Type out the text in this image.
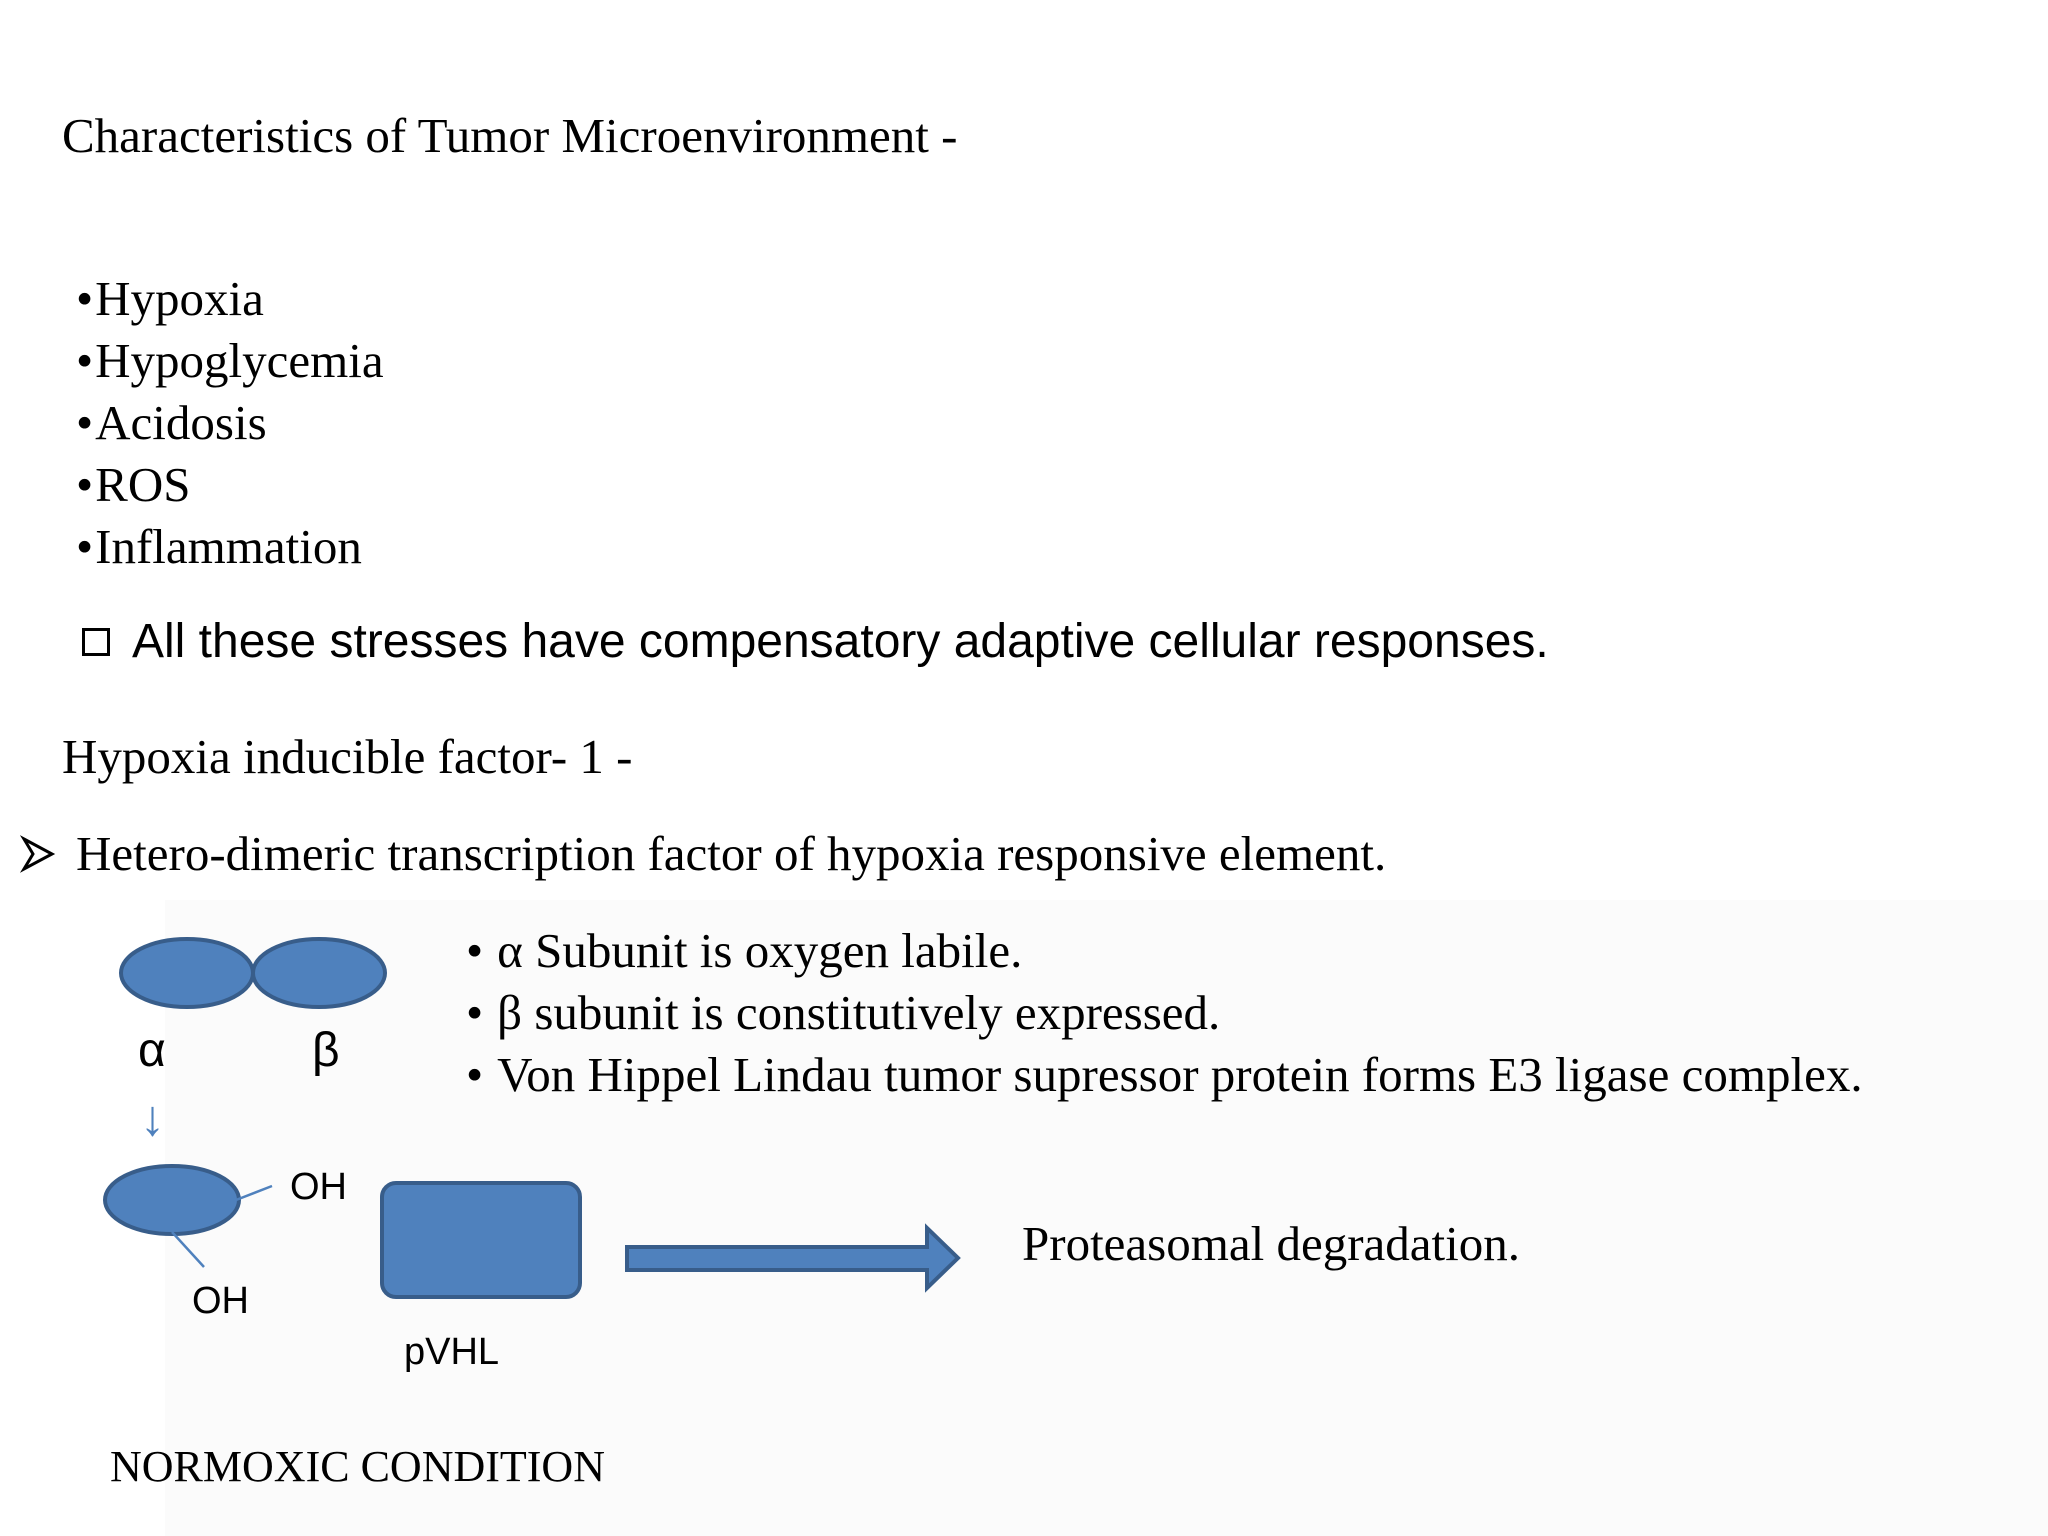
Characteristics of Tumor Microenvironment -
•Hypoxia
•Hypoglycemia
•Acidosis
•ROS
•Inflammation
All these stresses have compensatory adaptive cellular responses.
Hypoxia inducible factor- 1 -
Hetero-dimeric transcription factor of hypoxia responsive element.
• α Subunit is oxygen labile.
• β subunit is constitutively expressed.
• Von Hippel Lindau tumor supressor protein forms E3 ligase complex.
α	β
↓
OH
OH
pVHL
Proteasomal degradation.
NORMOXIC CONDITION
